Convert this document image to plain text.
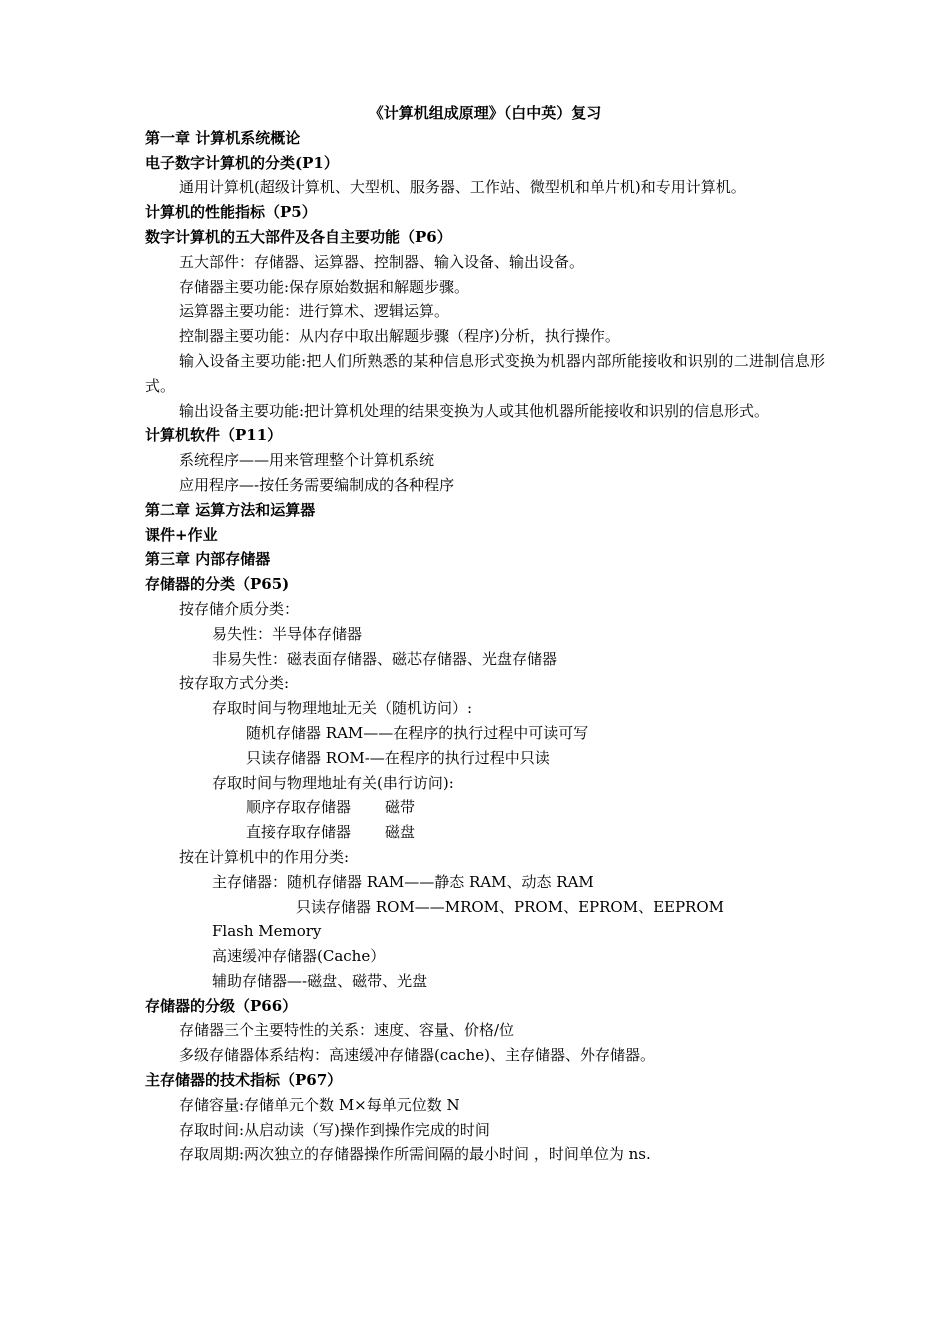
《计算机组成原理》（白中英）复习

第一章 计算机系统概论

电子数字计算机的分类(P1）

通用计算机(超级计算机、大型机、服务器、工作站、微型机和单片机)和专用计算机。

计算机的性能指标（P5）

数字计算机的五大部件及各自主要功能（P6）

五大部件：存储器、运算器、控制器、输入设备、输出设备。

存储器主要功能:保存原始数据和解题步骤。

运算器主要功能：进行算术、逻辑运算。

控制器主要功能：从内存中取出解题步骤（程序)分析，执行操作。

输入设备主要功能:把人们所熟悉的某种信息形式变换为机器内部所能接收和识别的二进制信息形式。

输出设备主要功能:把计算机处理的结果变换为人或其他机器所能接收和识别的信息形式。

计算机软件（P11）

系统程序——用来管理整个计算机系统

应用程序—-按任务需要编制成的各种程序

第二章 运算方法和运算器

课件+作业

第三章 内部存储器

存储器的分类（P65)

按存储介质分类：

易失性：半导体存储器

非易失性：磁表面存储器、磁芯存储器、光盘存储器

按存取方式分类:

存取时间与物理地址无关（随机访问）:

随机存储器 RAM——在程序的执行过程中可读可写

只读存储器 ROM-—在程序的执行过程中只读

存取时间与物理地址有关(串行访问):

顺序存取存储器 磁带

直接存取存储器 磁盘

按在计算机中的作用分类:

主存储器：随机存储器 RAM——静态 RAM、动态 RAM

只读存储器 ROM——MROM、PROM、EPROM、EEPROM

Flash Memory

高速缓冲存储器(Cache）

辅助存储器—-磁盘、磁带、光盘

存储器的分级（P66）

存储器三个主要特性的关系：速度、容量、价格/位

多级存储器体系结构：高速缓冲存储器(cache)、主存储器、外存储器。

主存储器的技术指标（P67）

存储容量:存储单元个数 M×每单元位数 N

存取时间:从启动读（写)操作到操作完成的时间

存取周期:两次独立的存储器操作所需间隔的最小时间 ，时间单位为 ns.
